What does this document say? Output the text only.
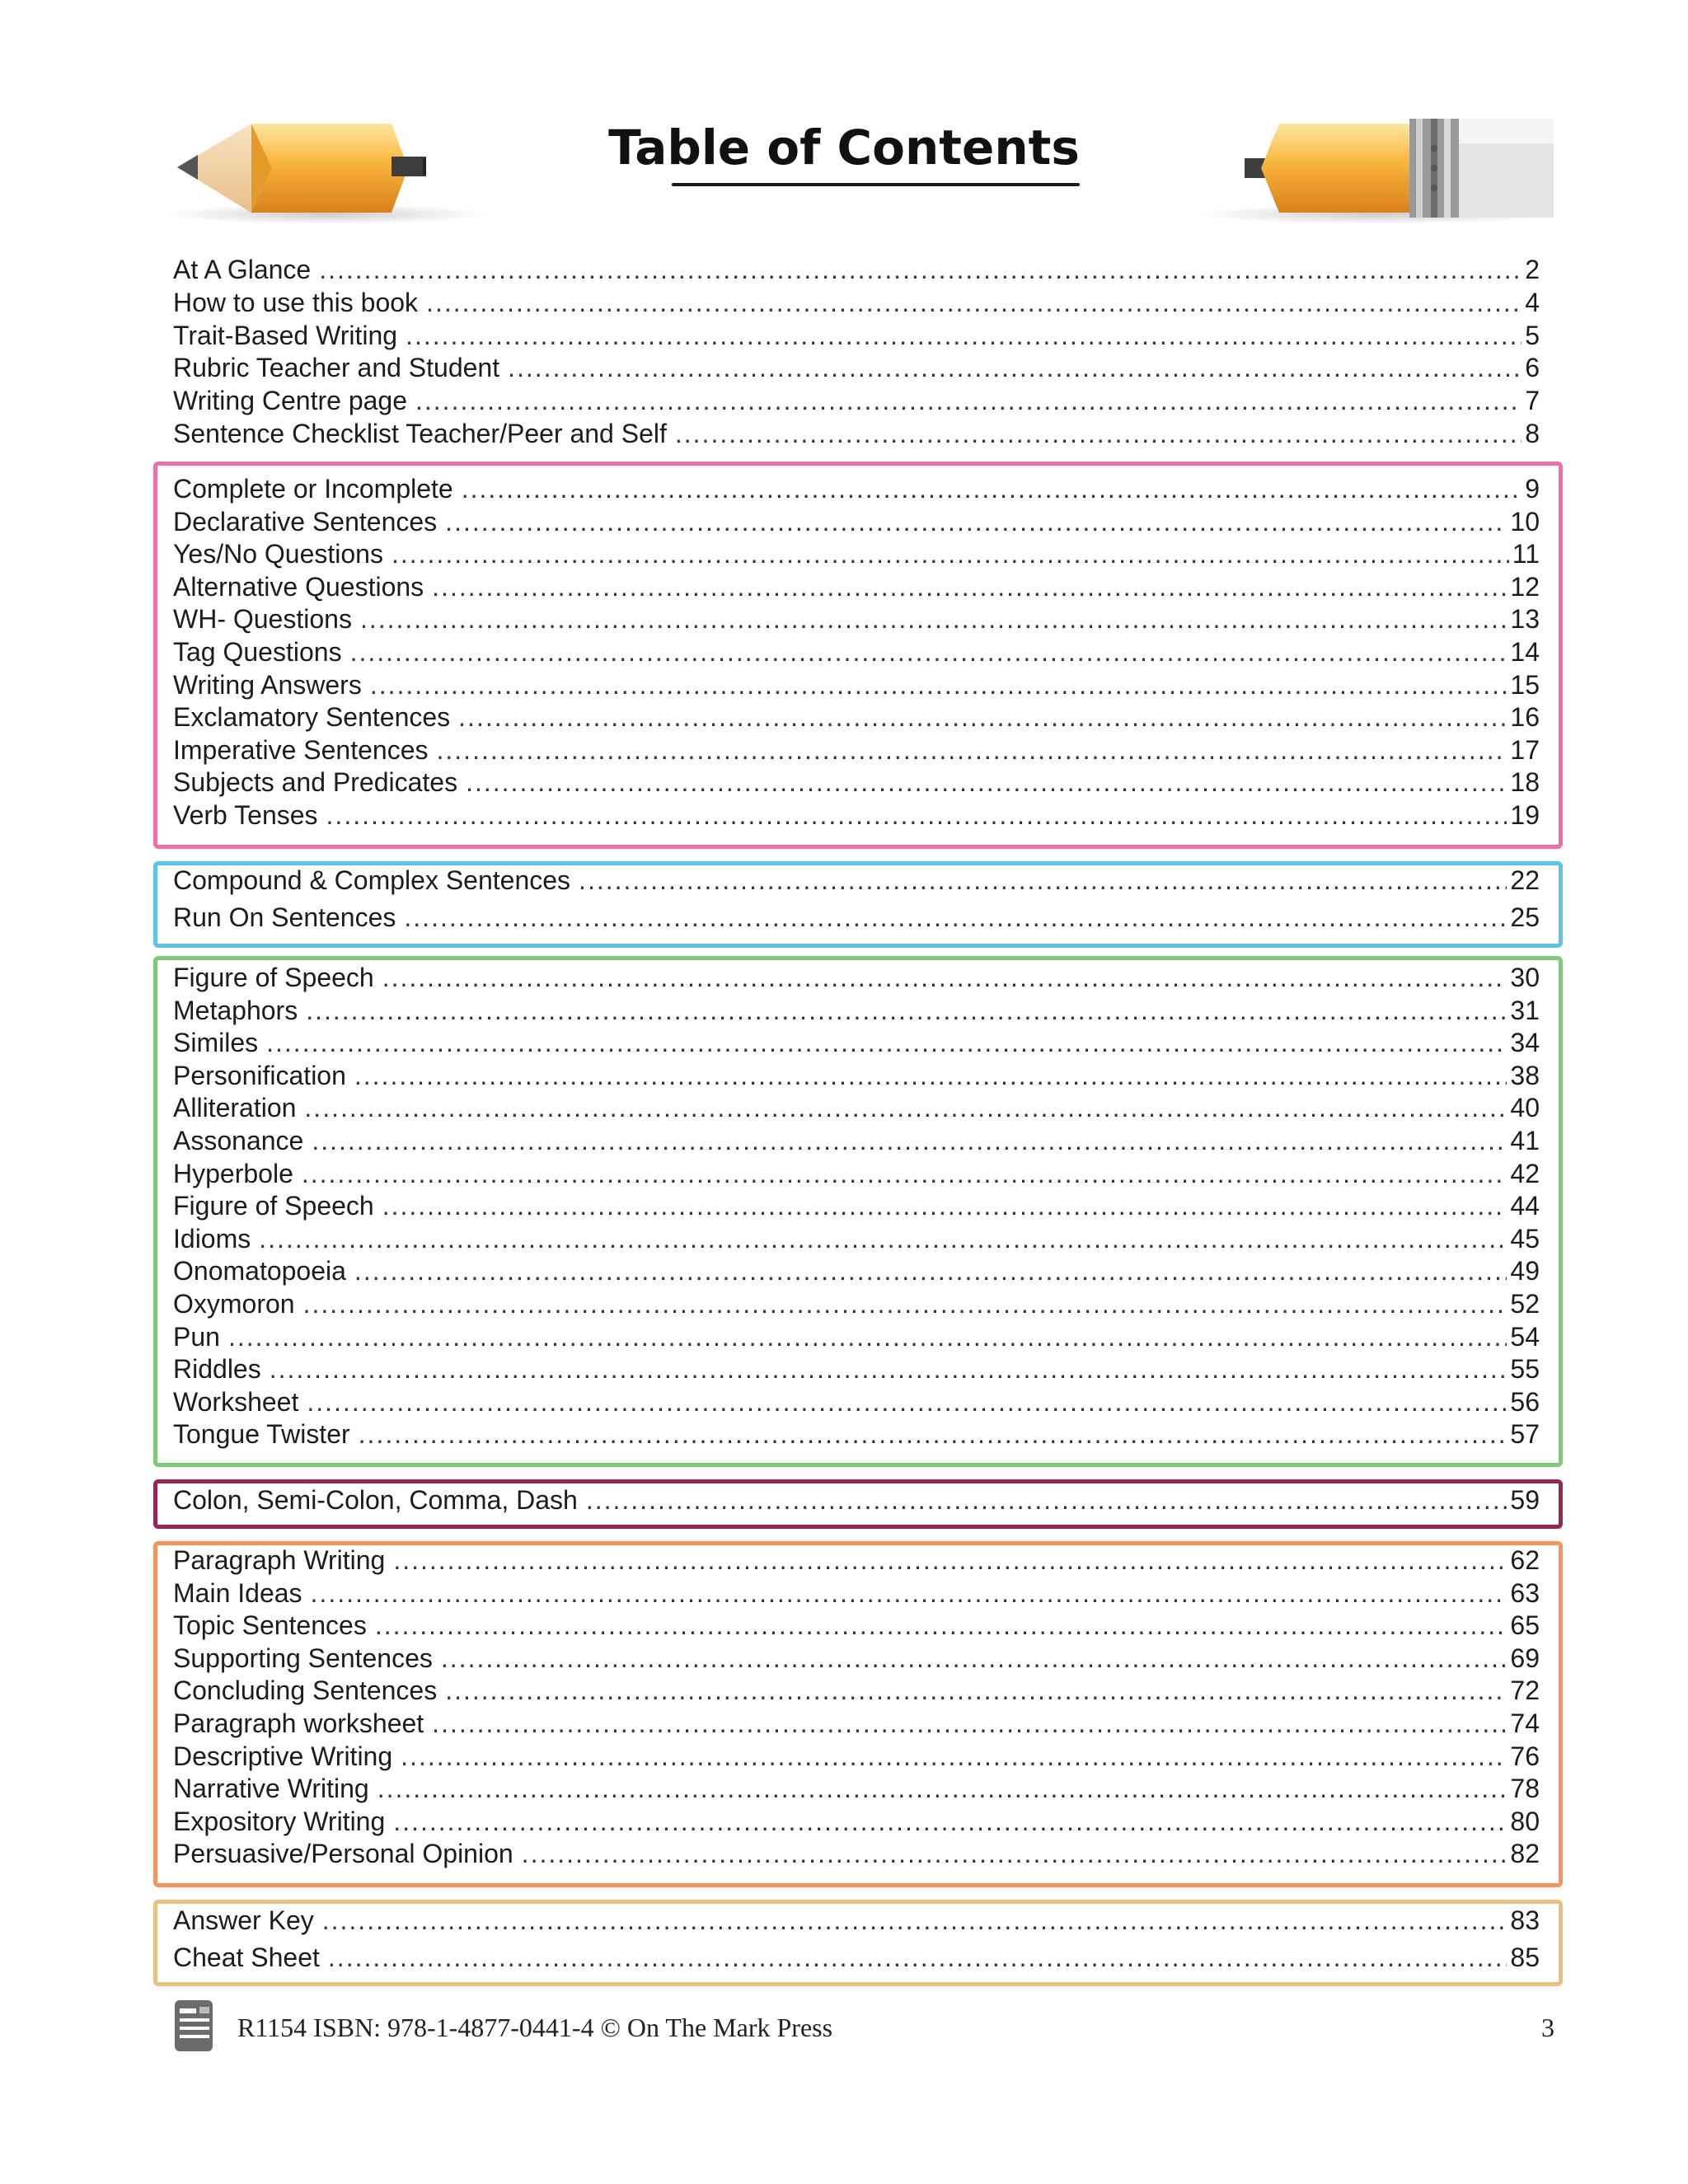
Table of Contents
At A Glance .....	2
How to use this book .....	4
Trait-Based Writing .....	5
Rubric Teacher and Student .....	6
Writing Centre page .....	7
Sentence Checklist Teacher/Peer and Self .....	8
Complete or Incomplete .....	9
Declarative Sentences .....	10
Yes/No Questions .....	11
Alternative Questions .....	12
WH- Questions .....	13
Tag Questions .....	14
Writing Answers .....	15
Exclamatory Sentences .....	16
Imperative Sentences .....	17
Subjects and Predicates .....	18
Verb Tenses .....	19
Compound & Complex Sentences .....	22
Run On Sentences .....	25
Figure of Speech .....	30
Metaphors .....	31
Similes .....	34
Personification .....	38
Alliteration .....	40
Assonance .....	41
Hyperbole .....	42
Figure of Speech .....	44
Idioms .....	45
Onomatopoeia .....	49
Oxymoron .....	52
Pun .....	54
Riddles .....	55
Worksheet .....	56
Tongue Twister .....	57
Colon, Semi-Colon, Comma, Dash .....	59
Paragraph Writing .....	62
Main Ideas .....	63
Topic Sentences .....	65
Supporting Sentences .....	69
Concluding Sentences .....	72
Paragraph worksheet .....	74
Descriptive Writing .....	76
Narrative Writing .....	78
Expository Writing .....	80
Persuasive/Personal Opinion .....	82
Answer Key .....	83
Cheat Sheet .....	85
R1154 ISBN: 978-1-4877-0441-4 © On The Mark Press	3
